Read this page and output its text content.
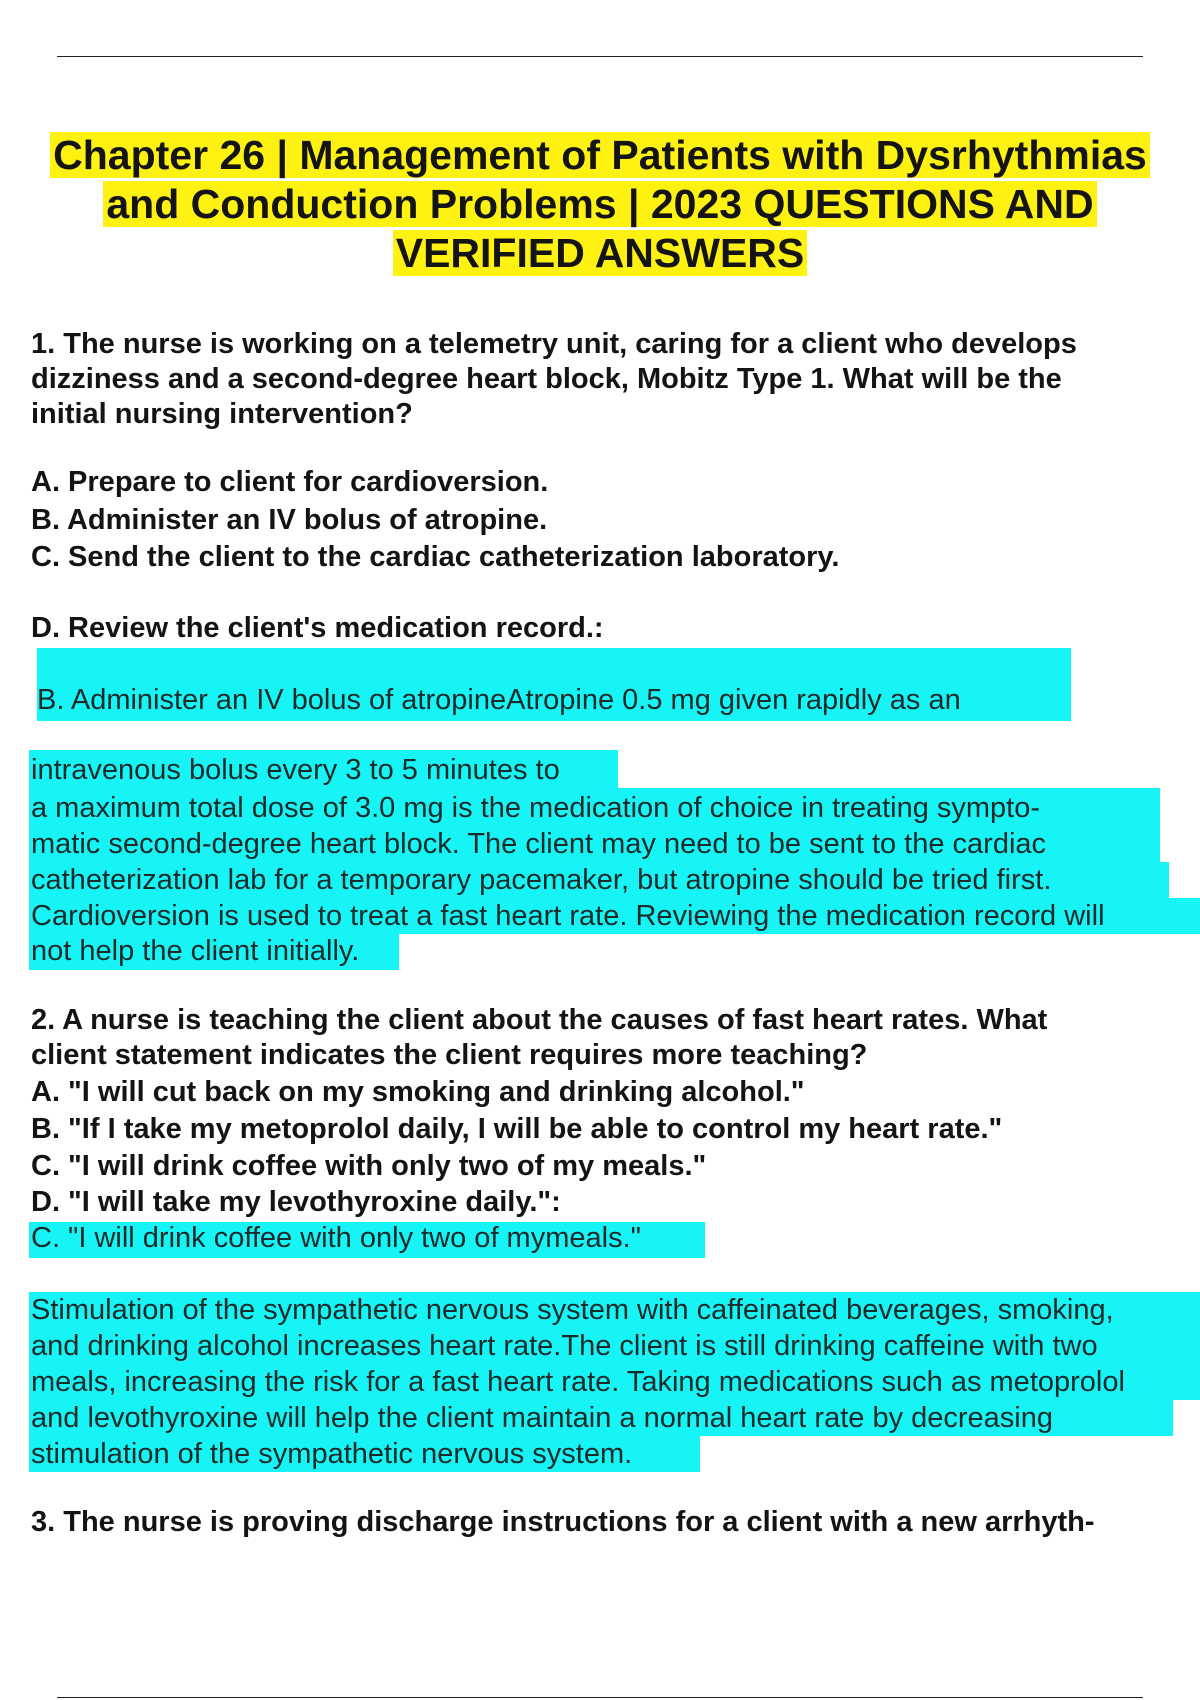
Chapter 26 | Management of Patients with Dysrhythmias
and Conduction Problems | 2023 QUESTIONS AND
VERIFIED ANSWERS
1. The nurse is working on a telemetry unit, caring for a client who develops
dizziness and a second-degree heart block, Mobitz Type 1. What will be the
initial nursing intervention?
A. Prepare to client for cardioversion.
B. Administer an IV bolus of atropine.
C. Send the client to the cardiac catheterization laboratory.
D. Review the client's medication record.:
B. Administer an IV bolus of atropineAtropine 0.5 mg given rapidly as an
intravenous bolus every 3 to 5 minutes to
a maximum total dose of 3.0 mg is the medication of choice in treating sympto-
matic second-degree heart block. The client may need to be sent to the cardiac
catheterization lab for a temporary pacemaker, but atropine should be tried first.
Cardioversion is used to treat a fast heart rate. Reviewing the medication record will
not help the client initially.
2. A nurse is teaching the client about the causes of fast heart rates. What
client statement indicates the client requires more teaching?
A. "I will cut back on my smoking and drinking alcohol."
B. "If I take my metoprolol daily, I will be able to control my heart rate."
C. "I will drink coffee with only two of my meals."
D. "I will take my levothyroxine daily.":
C. "I will drink coffee with only two of mymeals."
Stimulation of the sympathetic nervous system with caffeinated beverages, smoking,
and drinking alcohol increases heart rate.The client is still drinking caffeine with two
meals, increasing the risk for a fast heart rate. Taking medications such as metoprolol
and levothyroxine will help the client maintain a normal heart rate by decreasing
stimulation of the sympathetic nervous system.
3. The nurse is proving discharge instructions for a client with a new arrhyth-
